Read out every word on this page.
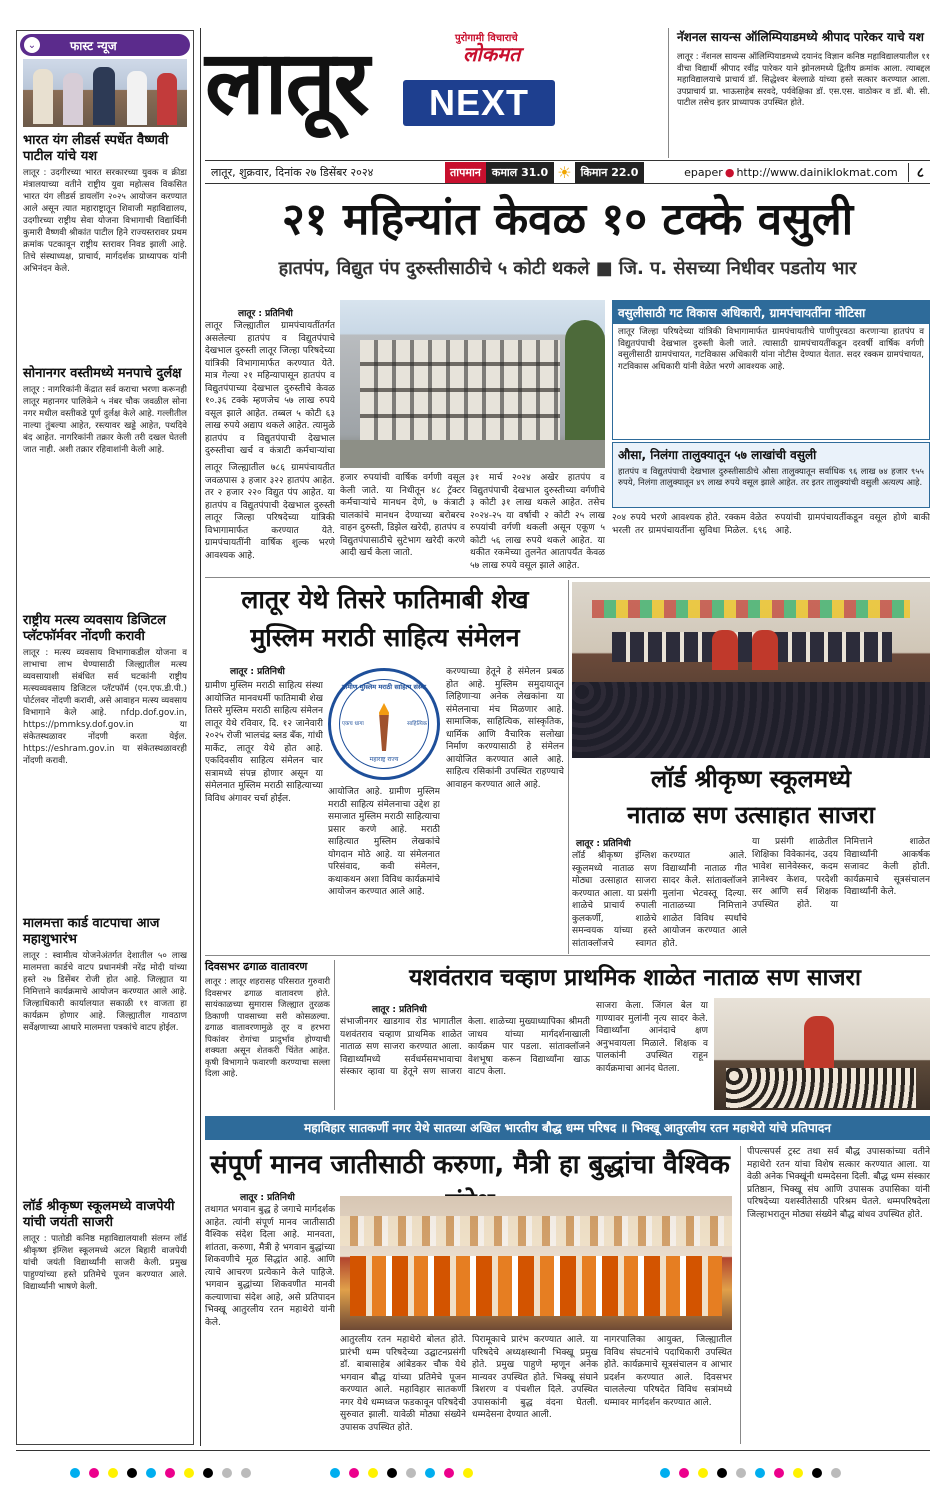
⌄	फास्ट न्यूज
भारत यंग लीडर्स स्पर्धेत वैष्णवी पाटील यांचे यश
लातूर : उदगीरच्या भारत सरकारच्या युवक व क्रीडा मंत्रालयाच्या वतीने राष्ट्रीय युवा महोत्सव विकसित भारत यंग लीडर्स डायलॉग २०२५ आयोजन करण्यात आले असून त्यात महाराष्ट्रातून शिवाजी महाविद्यालय, उदगीरच्या राष्ट्रीय सेवा योजना विभागाची विद्यार्थिनी कुमारी वैष्णवी श्रीकांत पाटील हिने राज्यस्तरावर प्रथम क्रमांक पटकावून राष्ट्रीय स्तरावर निवड झाली आहे. तिचे संस्थाध्यक्ष, प्राचार्य, मार्गदर्शक प्राध्यापक यांनी अभिनंदन केले.
सोनानगर वस्तीमध्ये मनपाचे दुर्लक्ष
लातूर : नागरिकांनी केंद्रात सर्व कराचा भरणा करूनही लातूर महानगर पालिकेने ५ नंबर चौक जवळील सोना नगर मधील वस्तीकडे पूर्ण दुर्लक्ष केले आहे. गल्लीतील नाल्या तुंबल्या आहेत, रस्त्यावर खड्डे आहेत, पथदिवे बंद आहेत. नागरिकांनी तक्रार केली तरी दखल घेतली जात नाही. अशी तक्रार रहिवाशांनी केली आहे.
राष्ट्रीय मत्स्य व्यवसाय डिजिटल प्लॅटफॉर्मवर नोंदणी करावी
लातूर : मत्स्य व्यवसाय विभागाकडील योजना व लाभाचा लाभ घेण्यासाठी जिल्ह्यातील मत्स्य व्यवसायाशी संबंधित सर्व घटकांनी राष्ट्रीय मत्स्यव्यवसाय डिजिटल प्लॅटफॉर्म (एन.एफ.डी.पी.) पोर्टलवर नोंदणी करावी, असे आवाहन मत्स्य व्यवसाय विभागाने केले आहे. nfdp.dof.gov.in, https://pmmksy.dof.gov.in या संकेतस्थळावर नोंदणी करता येईल. https://eshram.gov.in या संकेतस्थळावरही नोंदणी करावी.
मालमत्ता कार्ड वाटपाचा आज महाशुभारंभ
लातूर : स्वामीत्व योजनेअंतर्गत देशातील ५० लाख मालमत्ता कार्डचे वाटप प्रधानमंत्री नरेंद्र मोदी यांच्या हस्ते २७ डिसेंबर रोजी होत आहे. जिल्ह्यात या निमित्ताने कार्यक्रमाचे आयोजन करण्यात आले आहे. जिल्हाधिकारी कार्यालयात सकाळी ११ वाजता हा कार्यक्रम होणार आहे. जिल्ह्यातील गावठाण सर्वेक्षणाच्या आधारे मालमत्ता पत्रकांचे वाटप होईल.
लॉर्ड श्रीकृष्ण स्कूलमध्ये वाजपेयी यांची जयंती साजरी
लातूर : पातोडी कनिष्ठ महाविद्यालयाशी संलग्न लॉर्ड श्रीकृष्ण इंग्लिश स्कूलमध्ये अटल बिहारी वाजपेयी यांची जयंती विद्यार्थ्यांनी साजरी केली. प्रमुख पाहुण्यांच्या हस्ते प्रतिमेचे पूजन करण्यात आले. विद्यार्थ्यांनी भाषणे केली.
लातूर	पुरोगामी विचाराचे
लोकमत
NEXT
लातूर, शुक्रवार, दिनांक २७ डिसेंबर २०२४	तापमान	कमाल 31.0 ☀ किमान 22.0	epaper ● http://www.dainiklokmat.com	८
नॅशनल सायन्स ऑलिम्पियाडमध्ये श्रीपाद पारेकर याचे यश
लातूर : नॅशनल सायन्स ऑलिम्पियाडमध्ये दयानंद विज्ञान कनिष्ठ महाविद्यालयातील ११ वीचा विद्यार्थी श्रीपाद रवींद्र पारेकर याने झोनलमध्ये द्वितीय क्रमांक आला. त्याबद्दल महाविद्यालयाचे प्राचार्य डॉ. सिद्धेश्वर बेल्लाळे यांच्या हस्ते सत्कार करण्यात आला. उपप्राचार्य प्रा. भाऊसाहेब सरवदे, पर्यवेक्षिका डॉ. एस.एस. वाठोकर व डॉ. बी. सी. पाटील तसेच इतर प्राध्यापक उपस्थित होते.
२१ महिन्यांत केवळ १० टक्के वसुली
हातपंप, विद्युत पंप दुरुस्तीसाठीचे ५ कोटी थकले ■ जि. प. सेसच्या निधीवर पडतोय भार
लातूर : प्रतिनिधी
लातूर जिल्ह्यातील ग्रामपंचायतींतर्गत असलेल्या हातपंप व विद्युतपंपाचे देखभाल दुरुस्ती लातूर जिल्हा परिषदेच्या यांत्रिकी विभागामार्फत करण्यात येते. मात्र गेल्या २१ महिन्यापासून हातपंप व विद्युतपंपाच्या देखभाल दुरुस्तीचे केवळ १०.३६ टक्के म्हणजेच ५७ लाख रुपये वसूल झाले आहेत. तब्बल ५ कोटी ६३ लाख रुपये अद्याप थकले आहेत. त्यामुळे हातपंप व विद्युतपंपाची देखभाल दुरुस्तीचा खर्च व कंत्राटी कर्मचाऱ्यांचा
लातूर जिल्ह्यातील ७८६ ग्रामपंचायतीत जवळपास ३ हजार ३२२ हातपंप आहेत. तर २ हजार २२० विद्युत पंप आहेत. या हातपंप व विद्युतपंपाची देखभाल दुरुस्ती लातूर जिल्हा परिषदेच्या यांत्रिकी विभागामार्फत करण्यात येते. ग्रामपंचायतींनी वार्षिक शुल्क भरणे आवश्यक आहे.
हजार रुपयांची वार्षिक वर्गणी वसूल केली जाते. या निधीतून ४८ ट्रॅक्टर कर्मचाऱ्यांचे मानधन देणे, ७ कंत्राटी चालकांचे मानधन देण्याच्या बरोबरच वाहन दुरुस्ती, डिझेल खरेदी, हातपंप व विद्युतपंपासाठीचे सुटेभाग खरेदी करणे आदी खर्च केला जातो.
३१ मार्च २०२४ अखेर हातपंप व विद्युतपंपाची देखभाल दुरुस्तीच्या वर्गणीचे ३ कोटी ३१ लाख थकले आहेत. तसेच २०२४-२५ या वर्षाची २ कोटी २५ लाख रुपयांची वर्गणी थकली असून एकूण ५ कोटी ५६ लाख रुपये थकले आहेत. या थकीत रकमेच्या तुलनेत आतापर्यंत केवळ ५७ लाख रुपये वसूल झाले आहेत.
वसुलीसाठी गट विकास अधिकारी, ग्रामपंचायतींना नोटिसा
लातूर जिल्हा परिषदेच्या यांत्रिकी विभागामार्फत ग्रामपंचायतीचे पाणीपुरवठा करणाऱ्या हातपंप व विद्युतपंपाची देखभाल दुरुस्ती केली जाते. त्यासाठी ग्रामपंचायतींकडून दरवर्षी वार्षिक वर्गणी वसुलीसाठी ग्रामपंचायत, गटविकास अधिकारी यांना नोटीस देण्यात येतात. सदर रक्कम ग्रामपंचायत, गटविकास अधिकारी यांनी वेळेत भरणे आवश्यक आहे.
औसा, निलंगा तालुक्यातून ५७ लाखांची वसुली
हातपंप व विद्युतपंपाची देखभाल दुरुस्तीसाठीचे औसा तालुक्यातून सर्वाधिक ९६ लाख ७४ हजार ९५५ रुपये, निलंगा तालुक्यातून ४९ लाख रुपये वसूल झाले आहेत. तर इतर तालुक्यांची वसुली अत्यल्प आहे.
२०४ रुपये भरणे आवश्यक होते. रक्कम वेळेत भरली तर ग्रामपंचायतींना सुविधा मिळेल. ६९६ रुपयांची ग्रामपंचायतींकडून वसूल होणे बाकी आहे.
लातूर येथे तिसरे फातिमाबी शेख
मुस्लिम मराठी साहित्य संमेलन
लातूर : प्रतिनिधी
ग्रामीण मुस्लिम मराठी साहित्य संस्था आयोजित मानवधर्मी फातिमाबी शेख तिसरे मुस्लिम मराठी साहित्य संमेलन लातूर येथे रविवार, दि. १२ जानेवारी २०२५ रोजी भालचंद्र ब्लड बँक, गांधी मार्केट, लातूर येथे होत आहे. एकदिवसीय साहित्य संमेलन चार सत्रामध्ये संपन्न होणार असून या संमेलनात मुस्लिम मराठी साहित्याच्या विविध अंगावर चर्चा होईल.
ग्रामीण मुस्लिम मराठी साहित्य संस्था
एकच धागा	साहित्यिक
महाराष्ट्र राज्य
आयोजित आहे. ग्रामीण मुस्लिम मराठी साहित्य संमेलनाचा उद्देश हा समाजात मुस्लिम मराठी साहित्याचा प्रसार करणे आहे. मराठी साहित्यात मुस्लिम लेखकांचे योगदान मोठे आहे. या संमेलनात परिसंवाद, कवी संमेलन, कथाकथन अशा विविध कार्यक्रमांचे आयोजन करण्यात आले आहे.
करण्याच्या हेतूने हे संमेलन प्रबळ होत आहे. मुस्लिम समुदायातून लिहिणाऱ्या अनेक लेखकांना या संमेलनाचा मंच मिळणार आहे. सामाजिक, साहित्यिक, सांस्कृतिक, धार्मिक आणि वैचारिक सलोखा निर्माण करण्यासाठी हे संमेलन आयोजित करण्यात आले आहे. साहित्य रसिकांनी उपस्थित राहण्याचे आवाहन करण्यात आले आहे.	लॉर्ड श्रीकृष्ण स्कूलमध्ये
नाताळ सण उत्साहात साजरा
लातूर : प्रतिनिधी
लॉर्ड श्रीकृष्ण इंग्लिश स्कूलमध्ये नाताळ सण मोठ्या उत्साहात साजरा करण्यात आला. या प्रसंगी शाळेचे प्राचार्य रुपाली कुलकर्णी, शाळेचे समन्वयक यांच्या हस्ते सांताक्लॉजचे स्वागत करण्यात आले. विद्यार्थ्यांनी नाताळ गीत सादर केले. सांताक्लॉजने मुलांना भेटवस्तू दिल्या. नाताळच्या निमित्ताने शाळेत विविध स्पर्धांचे आयोजन करण्यात आले होते.
या प्रसंगी शाळेतील शिक्षिका विवेकानंद, उदय भावेश सानेवेस्कर, कदम ज्ञानेश्वर केशव, परदेशी सर आणि सर्व शिक्षक उपस्थित होते. या निमित्ताने शाळेत विद्यार्थ्यांनी आकर्षक सजावट केली होती. कार्यक्रमाचे सूत्रसंचालन विद्यार्थ्यांनी केले.
दिवसभर ढगाळ वातावरण
लातूर : लातूर शहरासह परिसरात गुरुवारी दिवसभर ढगाळ वातावरण होते. सायंकाळच्या सुमारास जिल्ह्यात तुरळक ठिकाणी पावसाच्या सरी कोसळल्या. ढगाळ वातावरणामुळे तूर व हरभरा पिकांवर रोगांचा प्रादुर्भाव होण्याची शक्यता असून शेतकरी चिंतेत आहेत. कृषी विभागाने फवारणी करण्याचा सल्ला दिला आहे.
यशवंतराव चव्हाण प्राथमिक शाळेत नाताळ सण साजरा
लातूर : प्रतिनिधी
संभाजीनगर खाडगाव रोड भागातील यशवंतराव चव्हाण प्राथमिक शाळेत नाताळ सण साजरा करण्यात आला. विद्यार्थ्यांमध्ये सर्वधर्मसमभावाचा संस्कार व्हावा या हेतूने सण साजरा केला. शाळेच्या मुख्याध्यापिका श्रीमती जाधव यांच्या मार्गदर्शनाखाली कार्यक्रम पार पडला. सांताक्लॉजने वेशभूषा करून विद्यार्थ्यांना खाऊ वाटप केला.
साजरा केला. जिंगल बेल या गाण्यावर मुलांनी नृत्य सादर केले. विद्यार्थ्यांना आनंदाचे क्षण अनुभवायला मिळाले. शिक्षक व पालकांनी उपस्थित राहून कार्यक्रमाचा आनंद घेतला.
महाविहार सातकर्णी नगर येथे सातव्या अखिल भारतीय बौद्ध धम्म परिषद ॥ भिक्खू आतुरलीय रतन महाथेरो यांचे प्रतिपादन
संपूर्ण मानव जातीसाठी करुणा, मैत्री हा बुद्धांचा वैश्विक
लातूर : प्रतिनिधी
तथागत भगवान बुद्ध हे जगाचे मार्गदर्शक आहेत. त्यांनी संपूर्ण मानव जातीसाठी वैश्विक संदेश दिला आहे. मानवता, शांतता, करुणा, मैत्री हे भगवान बुद्धांच्या शिकवणीचे मूळ सिद्धांत आहे. आणि त्याचे आचरण प्रत्येकाने केले पाहिजे. भगवान बुद्धांच्या शिकवणीत मानवी कल्याणाचा संदेश आहे, असे प्रतिपादन भिक्खू आतुरलीय रतन महाथेरो यांनी केले.
आतुरलीय रतन महाथेरो बोलत होते. प्रारंभी धम्म परिषदेच्या उद्घाटनप्रसंगी डॉ. बाबासाहेब आंबेडकर चौक येथे भगवान बौद्ध यांच्या प्रतिमेचे पूजन करण्यात आले. महाविहार सातकर्णी नगर येथे धम्मध्वज फडकावून परिषदेची सुरुवात झाली. यावेळी मोठ्या संख्येने उपासक उपस्थित होते.
पिरामूकाचे प्रारंभ करण्यात आले. या परिषदेचे अध्यक्षस्थानी भिक्खू प्रमुख होते. प्रमुख पाहुणे म्हणून अनेक मान्यवर उपस्थित होते. भिक्खू संघाने त्रिशरण व पंचशील दिले. उपस्थित उपासकांनी बुद्ध वंदना घेतली. धम्मदेसना देण्यात आली.
नागरपालिका आयुक्त, जिल्ह्यातील विविध संघटनांचे पदाधिकारी उपस्थित होते. कार्यक्रमाचे सूत्रसंचालन व आभार प्रदर्शन करण्यात आले. दिवसभर चाललेल्या परिषदेत विविध सत्रांमध्ये धम्मावर मार्गदर्शन करण्यात आले.
पीपल्सपर्स ट्रस्ट तथा सर्व बौद्ध उपासकांच्या वतीने महाथेरो रतन यांचा विशेष सत्कार करण्यात आला. या वेळी अनेक भिक्खूंनी धम्मदेसना दिली. बौद्ध धम्म संस्कार प्रतिष्ठान, भिक्खू संघ आणि उपासक उपासिका यांनी परिषदेच्या यशस्वीतेसाठी परिश्रम घेतले. धम्मपरिषदेला जिल्हाभरातून मोठ्या संख्येने बौद्ध बांधव उपस्थित होते.
